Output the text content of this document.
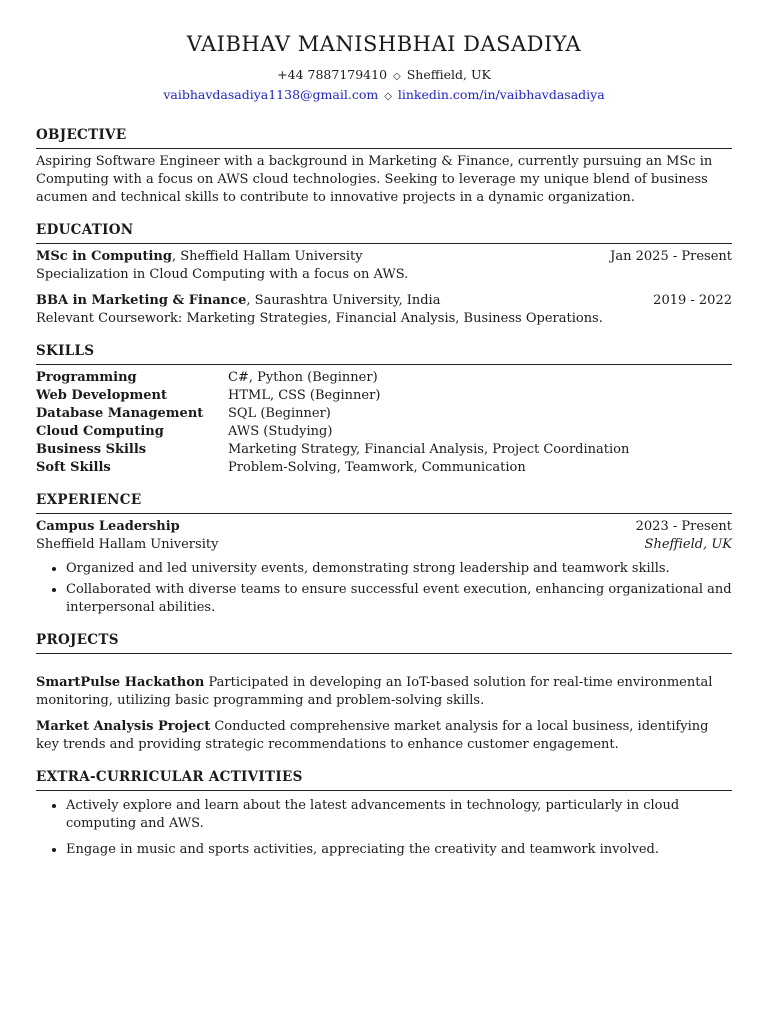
VAIBHAV MANISHBHAI DASADIYA
+44 7887179410 ◇ Sheffield, UK
vaibhavdasadiya1138@gmail.com ◇ linkedin.com/in/vaibhavdasadiya
OBJECTIVE
Aspiring Software Engineer with a background in Marketing & Finance, currently pursuing an MSc in Computing with a focus on AWS cloud technologies. Seeking to leverage my unique blend of business acumen and technical skills to contribute to innovative projects in a dynamic organization.
EDUCATION
MSc in Computing, Sheffield Hallam University	Jan 2025 - Present
Specialization in Cloud Computing with a focus on AWS.
BBA in Marketing & Finance, Saurashtra University, India	2019 - 2022
Relevant Coursework: Marketing Strategies, Financial Analysis, Business Operations.
SKILLS
Programming	C#, Python (Beginner)
Web Development	HTML, CSS (Beginner)
Database Management	SQL (Beginner)
Cloud Computing	AWS (Studying)
Business Skills	Marketing Strategy, Financial Analysis, Project Coordination
Soft Skills	Problem-Solving, Teamwork, Communication
EXPERIENCE
Campus Leadership	2023 - Present
Sheffield Hallam University	Sheffield, UK
• Organized and led university events, demonstrating strong leadership and teamwork skills.
• Collaborated with diverse teams to ensure successful event execution, enhancing organizational and interpersonal abilities.
PROJECTS
SmartPulse Hackathon Participated in developing an IoT-based solution for real-time environmental monitoring, utilizing basic programming and problem-solving skills.
Market Analysis Project Conducted comprehensive market analysis for a local business, identifying key trends and providing strategic recommendations to enhance customer engagement.
EXTRA-CURRICULAR ACTIVITIES
• Actively explore and learn about the latest advancements in technology, particularly in cloud computing and AWS.
• Engage in music and sports activities, appreciating the creativity and teamwork involved.
